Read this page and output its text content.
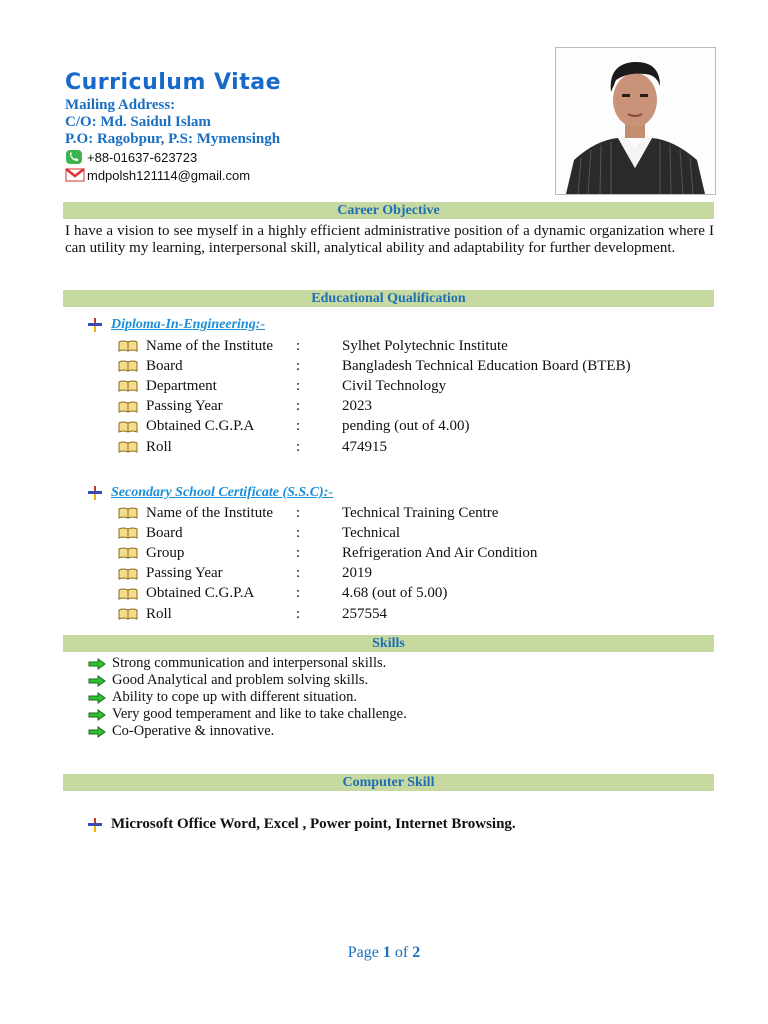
Curriculum Vitae
Mailing Address:
C/O: Md. Saidul Islam
P.O: Ragobpur, P.S: Mymensingh
+88-01637-623723
mdpolsh121114@gmail.com
Career Objective
I have a vision to see myself in a highly efficient administrative position of a dynamic organization where I can utility my learning, interpersonal skill, analytical ability and adaptability for further development.
Educational Qualification
Diploma-In-Engineering:-
Name of the Institute	:	Sylhet Polytechnic Institute
Board	:	Bangladesh Technical Education Board (BTEB)
Department	:	Civil Technology
Passing Year	:	2023
Obtained C.G.P.A	:	pending (out of 4.00)
Roll	:	474915
Secondary School Certificate (S.S.C):-
Name of the Institute	:	Technical Training Centre
Board	:	Technical
Group	:	Refrigeration And Air Condition
Passing Year	:	2019
Obtained C.G.P.A	:	4.68 (out of 5.00)
Roll	:	257554
Skills
Strong communication and interpersonal skills.
Good Analytical and problem solving skills.
Ability to cope up with different situation.
Very good temperament and like to take challenge.
Co-Operative & innovative.
Computer Skill
Microsoft Office Word, Excel , Power point, Internet Browsing.
Page 1 of 2
